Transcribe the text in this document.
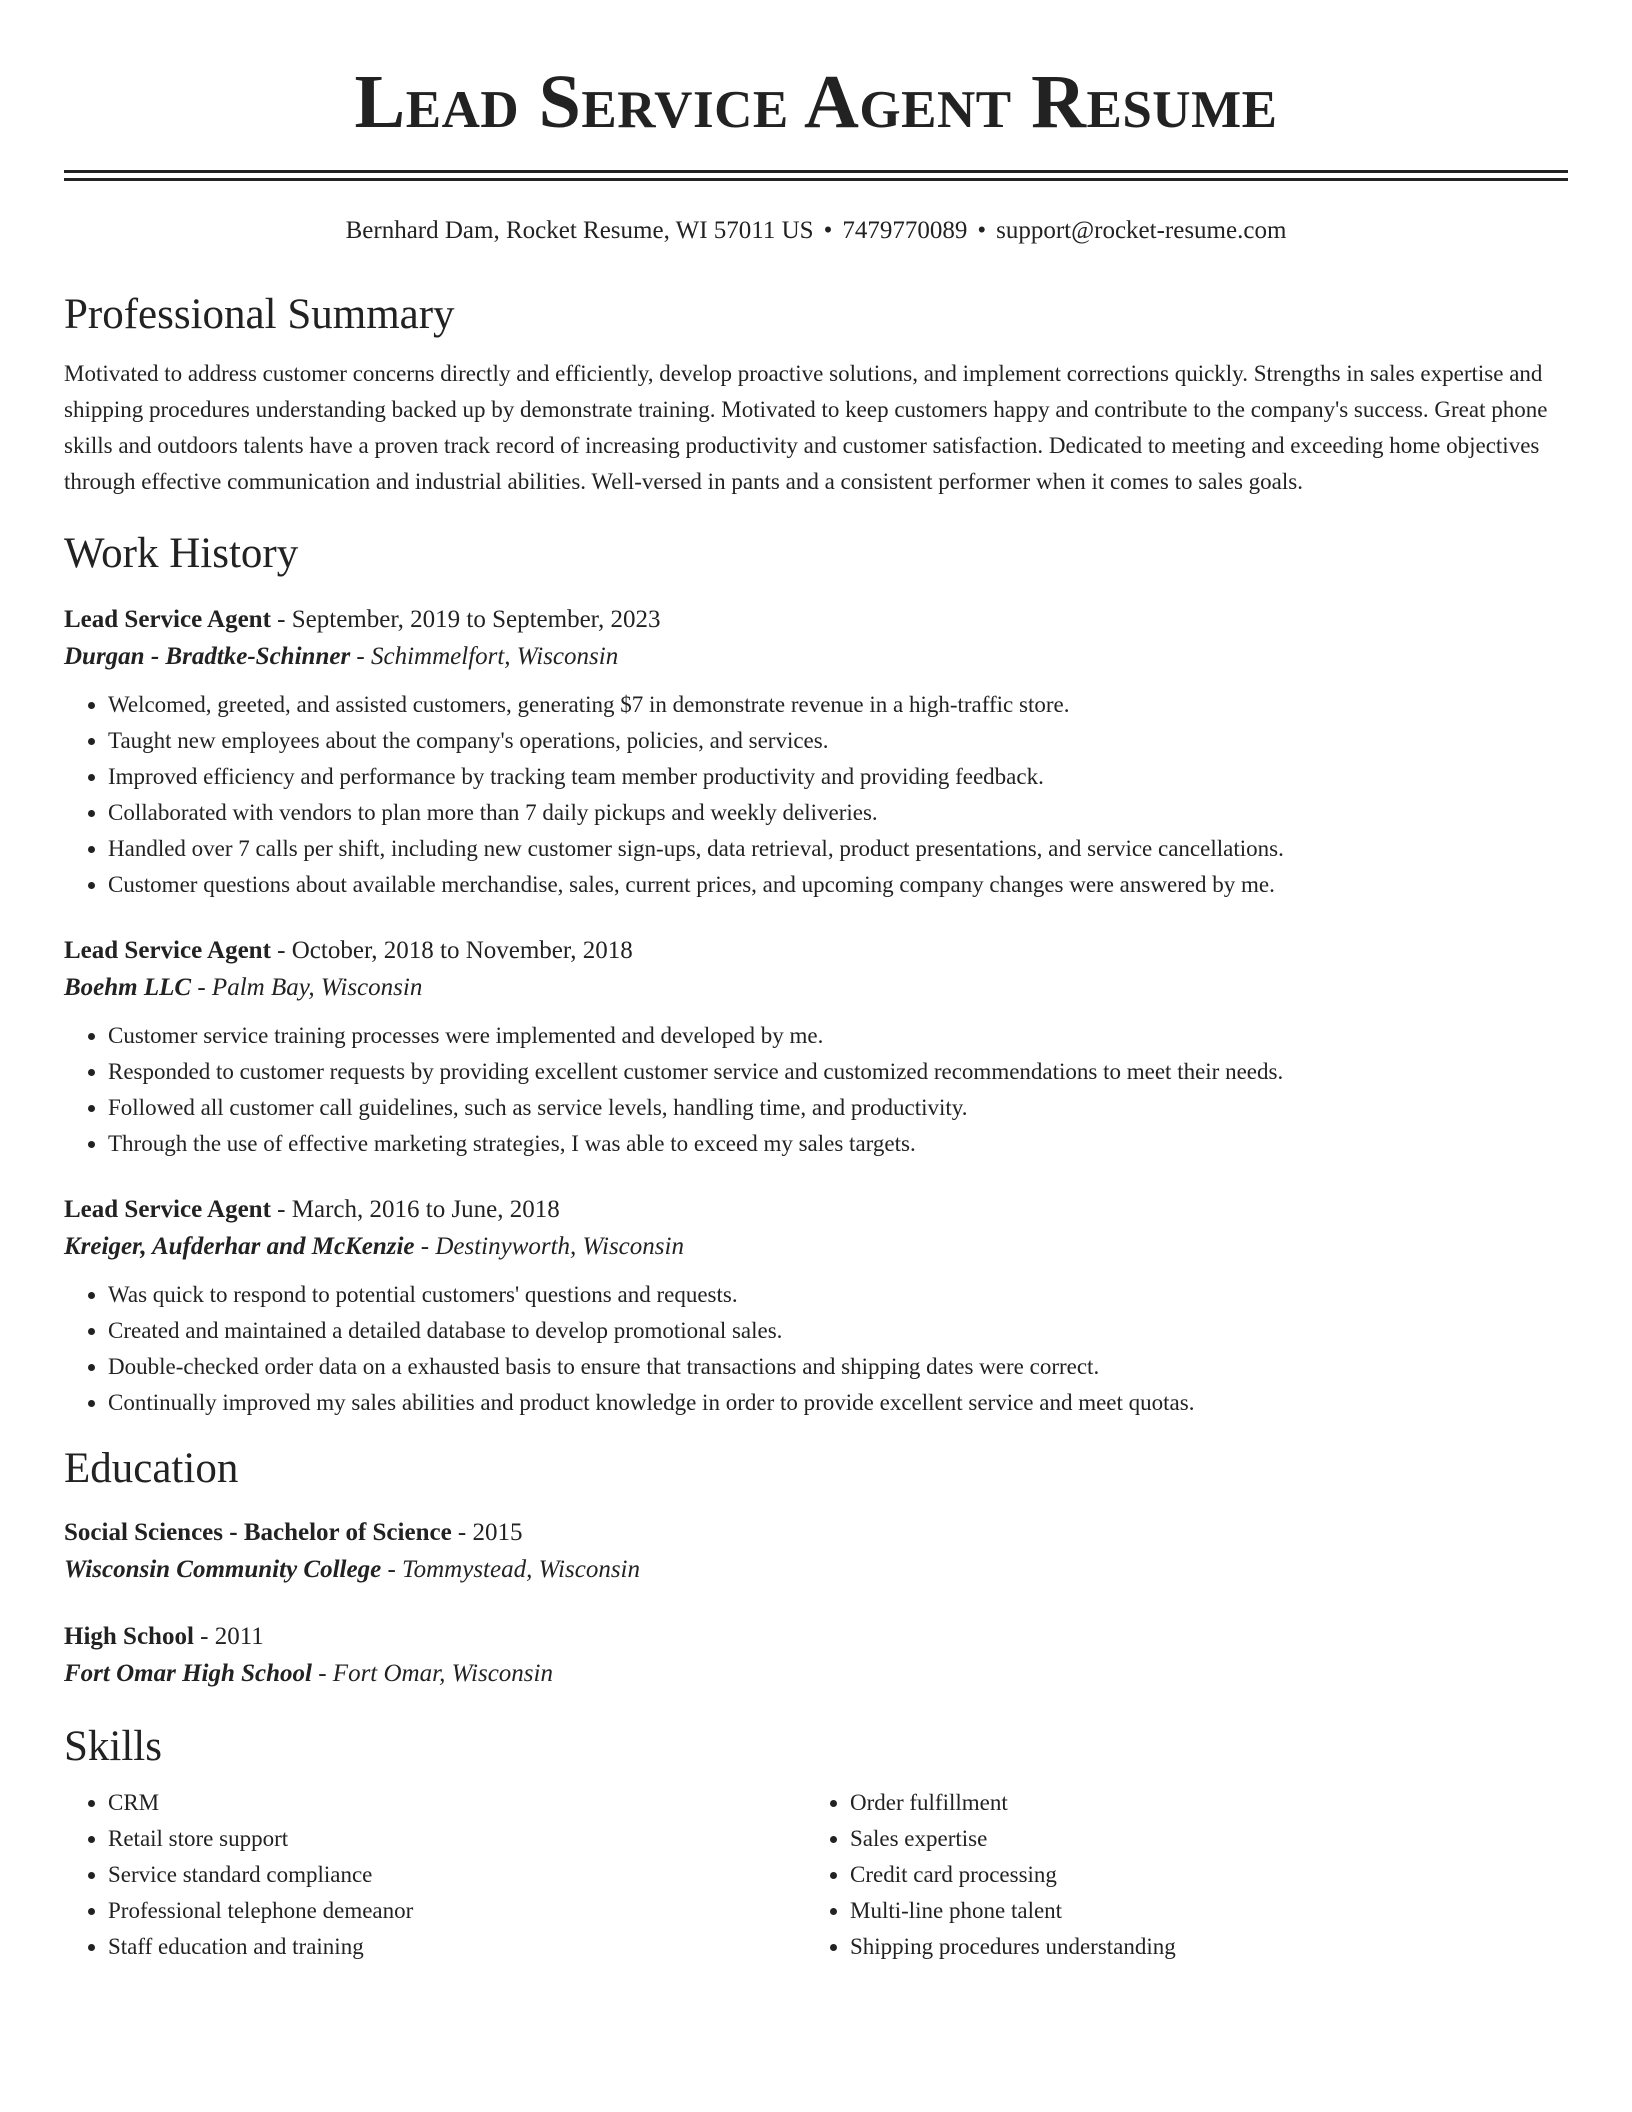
Lead Service Agent Resume
Bernhard Dam, Rocket Resume, WI 57011 US • 7479770089 • support@rocket-resume.com
Professional Summary
Motivated to address customer concerns directly and efficiently, develop proactive solutions, and implement corrections quickly. Strengths in sales expertise and shipping procedures understanding backed up by demonstrate training. Motivated to keep customers happy and contribute to the company's success. Great phone skills and outdoors talents have a proven track record of increasing productivity and customer satisfaction. Dedicated to meeting and exceeding home objectives through effective communication and industrial abilities. Well-versed in pants and a consistent performer when it comes to sales goals.
Work History
Lead Service Agent - September, 2019 to September, 2023
Durgan - Bradtke-Schinner - Schimmelfort, Wisconsin
• Welcomed, greeted, and assisted customers, generating $7 in demonstrate revenue in a high-traffic store.
• Taught new employees about the company's operations, policies, and services.
• Improved efficiency and performance by tracking team member productivity and providing feedback.
• Collaborated with vendors to plan more than 7 daily pickups and weekly deliveries.
• Handled over 7 calls per shift, including new customer sign-ups, data retrieval, product presentations, and service cancellations.
• Customer questions about available merchandise, sales, current prices, and upcoming company changes were answered by me.
Lead Service Agent - October, 2018 to November, 2018
Boehm LLC - Palm Bay, Wisconsin
• Customer service training processes were implemented and developed by me.
• Responded to customer requests by providing excellent customer service and customized recommendations to meet their needs.
• Followed all customer call guidelines, such as service levels, handling time, and productivity.
• Through the use of effective marketing strategies, I was able to exceed my sales targets.
Lead Service Agent - March, 2016 to June, 2018
Kreiger, Aufderhar and McKenzie - Destinyworth, Wisconsin
• Was quick to respond to potential customers' questions and requests.
• Created and maintained a detailed database to develop promotional sales.
• Double-checked order data on a exhausted basis to ensure that transactions and shipping dates were correct.
• Continually improved my sales abilities and product knowledge in order to provide excellent service and meet quotas.
Education
Social Sciences - Bachelor of Science - 2015
Wisconsin Community College - Tommystead, Wisconsin
High School - 2011
Fort Omar High School - Fort Omar, Wisconsin
Skills
• CRM
• Retail store support
• Service standard compliance
• Professional telephone demeanor
• Staff education and training
• Order fulfillment
• Sales expertise
• Credit card processing
• Multi-line phone talent
• Shipping procedures understanding
